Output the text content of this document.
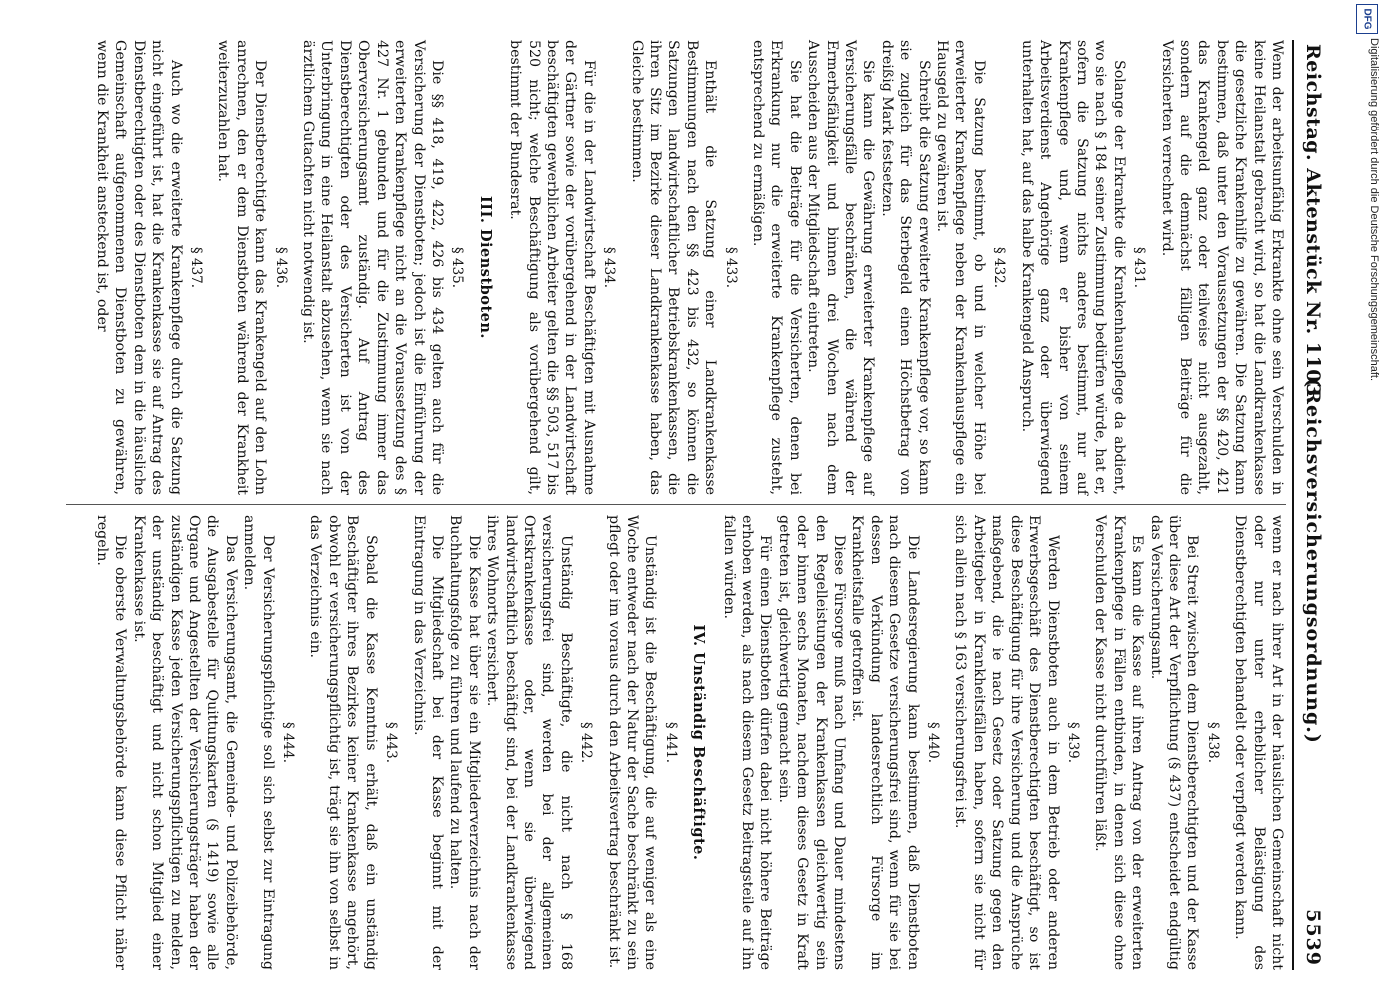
Reichstag. Aktenstück Nr. 1103.
(Reichsversicherungsordnung.)  5539

Wenn der arbeitsunfähig Erkrankte ohne sein Verschulden in keine Heilanstalt gebracht wird, so hat die Landkrankenkasse die gesetzliche Krankenhilfe zu gewähren. Die Satzung kann bestimmen, daß unter den Voraussetzungen der §§ 420, 421 das Krankengeld ganz oder teilweise nicht ausgezahlt, sondern auf die demnächst fälligen Beiträge für die Versicherten verrechnet wird.

§ 431.

Solange der Erkrankte die Krankenhauspflege da abdient, wo sie nach § 184 seiner Zustimmung bedürfen würde, hat er, sofern die Satzung nichts anderes bestimmt, nur auf Krankenpflege und, wenn er bisher von seinem Arbeitsverdienst Angehörige ganz oder überwiegend unterhalten hat, auf das halbe Krankengeld Anspruch.

§ 432.

Die Satzung bestimmt, ob und in welcher Höhe bei erweiterter Krankenpflege neben der Krankenhauspflege ein Hausgeld zu gewähren ist.

Schreibt die Satzung erweiterte Krankenpflege vor, so kann sie zugleich für das Sterbegeld einen Höchstbetrag von dreißig Mark festsetzen.

Sie kann die Gewährung erweiterter Krankenpflege auf Versicherungsfälle beschränken, die während der Ermerbsfähigkeit und binnen drei Wochen nach dem Ausscheiden aus der Mitgliedschaft eintreten.

Sie hat die Beiträge für die Versicherten, denen bei Erkrankung nur die erweiterte Krankenpflege zusteht, entsprechend zu ermäßigen.

§ 433.

Enthält die Satzung einer Landkrankenkasse Bestimmungen nach den §§ 423 bis 432, so können die Satzungen landwirtschaftlicher Betriebskrankenkassen, die ihren Sitz im Bezirke dieser Landkrankenkasse haben, das Gleiche bestimmen.

§ 434.

Für die in der Landwirtschaft Beschäftigten mit Ausnahme der Gärtner sowie der vorübergehend in der Landwirtschaft beschäftigten gewerblichen Arbeiter gelten die §§ 503, 517 bis 520 nicht; welche Beschäftigung als vorübergehend gilt, bestimmt der Bundesrat.

III. Dienstboten.

§ 435.

Die §§ 418, 419, 422, 426 bis 434 gelten auch für die Versicherung der Dienstboten; jedoch ist die Einführung der erweiterten Krankenpflege nicht an die Voraussetzung des § 427 Nr. 1 gebunden und für die Zustimmung immer das Oberversicherungsamt zuständig. Auf Antrag des Dienstberechtigten oder des Versicherten ist von der Unterbringung in eine Heilanstalt abzusehen, wenn sie nach ärztlichem Gutachten nicht notwendig ist.

§ 436.

Der Dienstberechtigte kann das Krankengeld auf den Lohn anrechnen, den er dem Dienstboten während der Krankheit weiterzuzahlen hat.

§ 437.

Auch wo die erweiterte Krankenpflege durch die Satzung nicht eingeführt ist, hat die Krankenkasse sie auf Antrag des Dienstberechtigten oder des Dienstboten dem in die häusliche Gemeinschaft aufgenommenen Dienstboten zu gewähren, wenn die Krankheit ansteckend ist, oder

wenn er nach ihrer Art in der häuslichen Gemeinschaft nicht oder nur unter erheblicher Belästigung des Dienstberechtigten behandelt oder verpflegt werden kann.

§ 438.

Bei Streit zwischen dem Dienstberechtigten und der Kasse über diese Art der Verpflichtung (§ 437) entscheidet endgültig das Versicherungsamt.

Es kann die Kasse auf ihren Antrag von der erweiterten Krankenpflege in Fällen entbinden, in denen sich diese ohne Verschulden der Kasse nicht durchführen läßt.

§ 439.

Werden Dienstboten auch in dem Betrieb oder anderen Erwerbsgeschäft des Dienstberechtigten beschäftigt, so ist diese Beschäftigung für ihre Versicherung und die Ansprüche maßgebend, die ie nach Gesetz oder Satzung gegen den Arbeitgeber in Krankheitsfällen haben, sofern sie nicht für sich allein nach § 163 versicherungsfrei ist.

§ 440.

Die Landesregierung kann bestimmen, daß Dienstboten nach diesem Gesetze versicherungsfrei sind, wenn für sie bei dessen Verkündung landesrechtlich Fürsorge im Krankheitsfalle getroffen ist.

Diese Fürsorge muß nach Umfang und Dauer mindestens den Regelleistungen der Krankenkassen gleichwertig sein oder binnen sechs Monaten, nachdem dieses Gesetz in Kraft getreten ist, gleichwertig gemacht sein.

Für einen Dienstboten dürfen dabei nicht höhere Beiträge erhoben werden, als nach diesem Gesetz Beitragsteile auf ihn fallen würden.

IV. Unständig Beschäftigte.

§ 441.

Unständig ist die Beschäftigung, die auf weniger als eine Woche entweder nach der Natur der Sache beschränkt zu sein pflegt oder im voraus durch den Arbeitsvertrag beschränkt ist.

§ 442.

Unständig Beschäftigte, die nicht nach § 168 versicherungsfrei sind, werden bei der allgemeinen Ortskrankenkasse oder, wenn sie überwiegend landwirtschaftlich beschäftigt sind, bei der Landkrankenkasse ihres Wohnorts versichert.

Die Kasse hat über sie ein Mitgliederverzeichnis nach der Buchhaltungsfolge zu führen und laufend zu halten.

Die Mitgliedschaft bei der Kasse beginnt mit der Eintragung in das Verzeichnis.

§ 443.

Sobald die Kasse Kenntnis erhält, daß ein unständig Beschäftigter ihres Bezirkes keiner Krankenkasse angehört, obwohl er versicherungspflichtig ist, trägt sie ihn von selbst in das Verzeichnis ein.

§ 444.

Der Versicherungspflichtige soll sich selbst zur Eintragung anmelden.

Das Versicherungsamt, die Gemeinde- und Polizeibehörde, die Ausgabestelle für Quittungskarten (§ 1419) sowie alle Organe und Angestellten der Versicherungsträger haben der zuständigen Kasse jeden Versicherungspflichtigen zu melden, der unständig beschäftigt und nicht schon Mitglied einer Krankenkasse ist.

Die oberste Verwaltungsbehörde kann diese Pflicht näher regeln.

DFG
Digitalisierung gefördert durch die Deutsche Forschungsgemeinschaft.
